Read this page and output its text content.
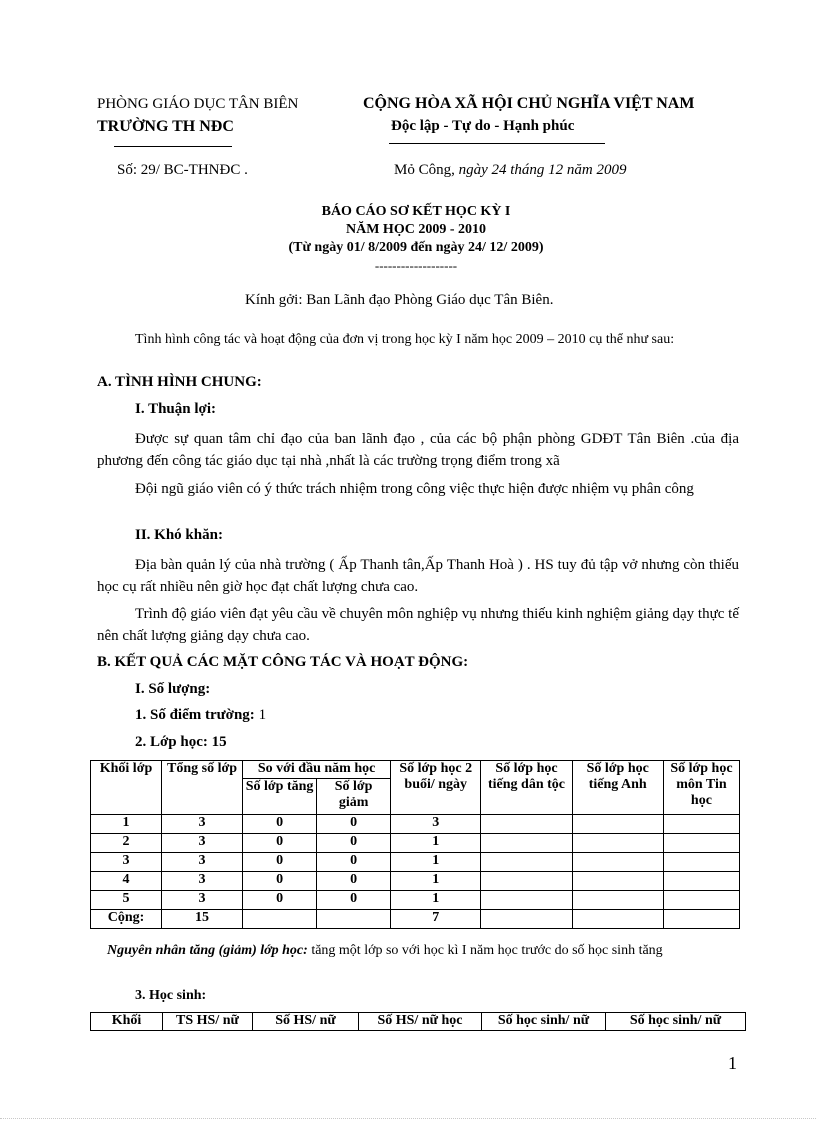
PHÒNG GIÁO DỤC TÂN BIÊN
TRƯỜNG TH NĐC
CỘNG HÒA XÃ HỘI CHỦ NGHĨA VIỆT NAM
Độc lập - Tự do - Hạnh phúc
Số: 29/ BC-THNĐC .	Mỏ Công, ngày 24 tháng 12 năm 2009
BÁO CÁO SƠ KẾT HỌC KỲ I
NĂM HỌC 2009 - 2010
(Từ ngày 01/ 8/2009 đến ngày 24/ 12/ 2009)
-------------------
Kính gởi: Ban Lãnh đạo Phòng Giáo dục Tân Biên.
Tình hình công tác và hoạt động của đơn vị trong học kỳ I năm học 2009 – 2010 cụ thể như sau:
A. TÌNH HÌNH CHUNG:
I. Thuận lợi:
Được sự quan tâm chỉ đạo của ban lãnh đạo , của các bộ phận phòng GDĐT Tân Biên .của địa phương đến công tác giáo dục tại nhà ,nhất là các trường trọng điểm trong xã
Đội ngũ giáo viên có ý thức trách nhiệm trong công việc thực hiện được nhiệm vụ phân công
II. Khó khăn:
Địa bàn quản lý của nhà trường ( Ấp Thanh tân,Ấp Thanh Hoà ) . HS tuy đủ tập vở nhưng còn thiếu học cụ rất nhiều nên giờ học đạt chất lượng chưa cao.
Trình độ giáo viên đạt yêu cầu về chuyên môn nghiệp vụ nhưng thiếu kinh nghiệm giảng dạy thực tế nên chất lượng giảng dạy chưa cao.
B. KẾT QUẢ CÁC MẶT CÔNG TÁC VÀ HOẠT ĐỘNG:
I. Số lượng:
1. Số điểm trường: 1
2. Lớp học: 15
Khối lớp	Tổng số lớp	So với đầu năm học		Số lớp học 2 buổi/ ngày	Số lớp học tiếng dân tộc	Số lớp học tiếng Anh	Số lớp học môn Tin học
		Số lớp tăng	Số lớp giảm				
1	3	0	0	3			
2	3	0	0	1			
3	3	0	0	1			
4	3	0	0	1			
5	3	0	0	1			
Cộng:	15			7			
Nguyên nhân tăng (giảm) lớp học: tăng một lớp so với học kì I năm học trước do số học sinh tăng
3. Học sinh:
Khối	TS HS/ nữ	Số HS/ nữ	Số HS/ nữ học	Số học sinh/ nữ	Số học sinh/ nữ
1
